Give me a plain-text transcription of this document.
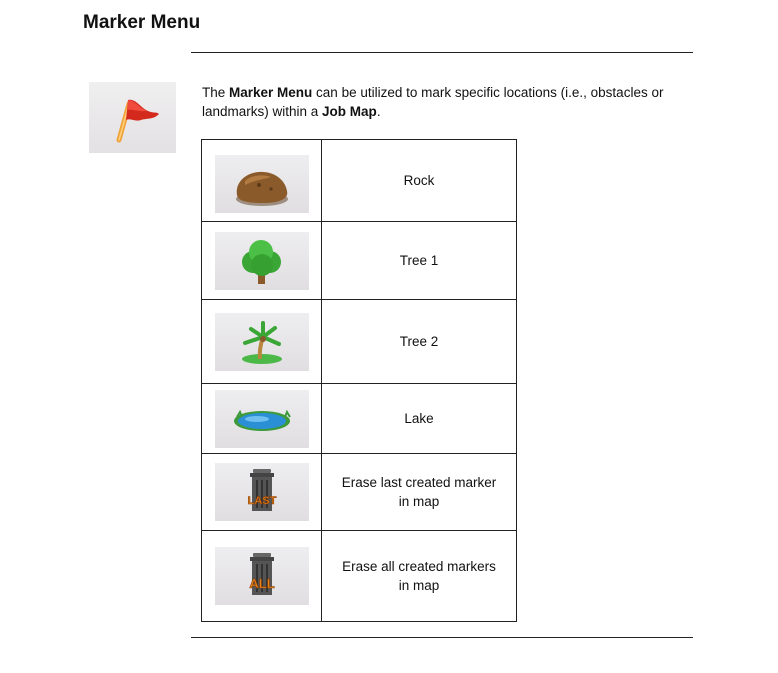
Marker Menu
The Marker Menu can be utilized to mark specific locations (i.e., obstacles or landmarks) within a Job Map.
	Rock

	Tree 1

	Tree 2

	Lake

LAST	Erase last created marker in map

ALL	Erase all created markers in map
